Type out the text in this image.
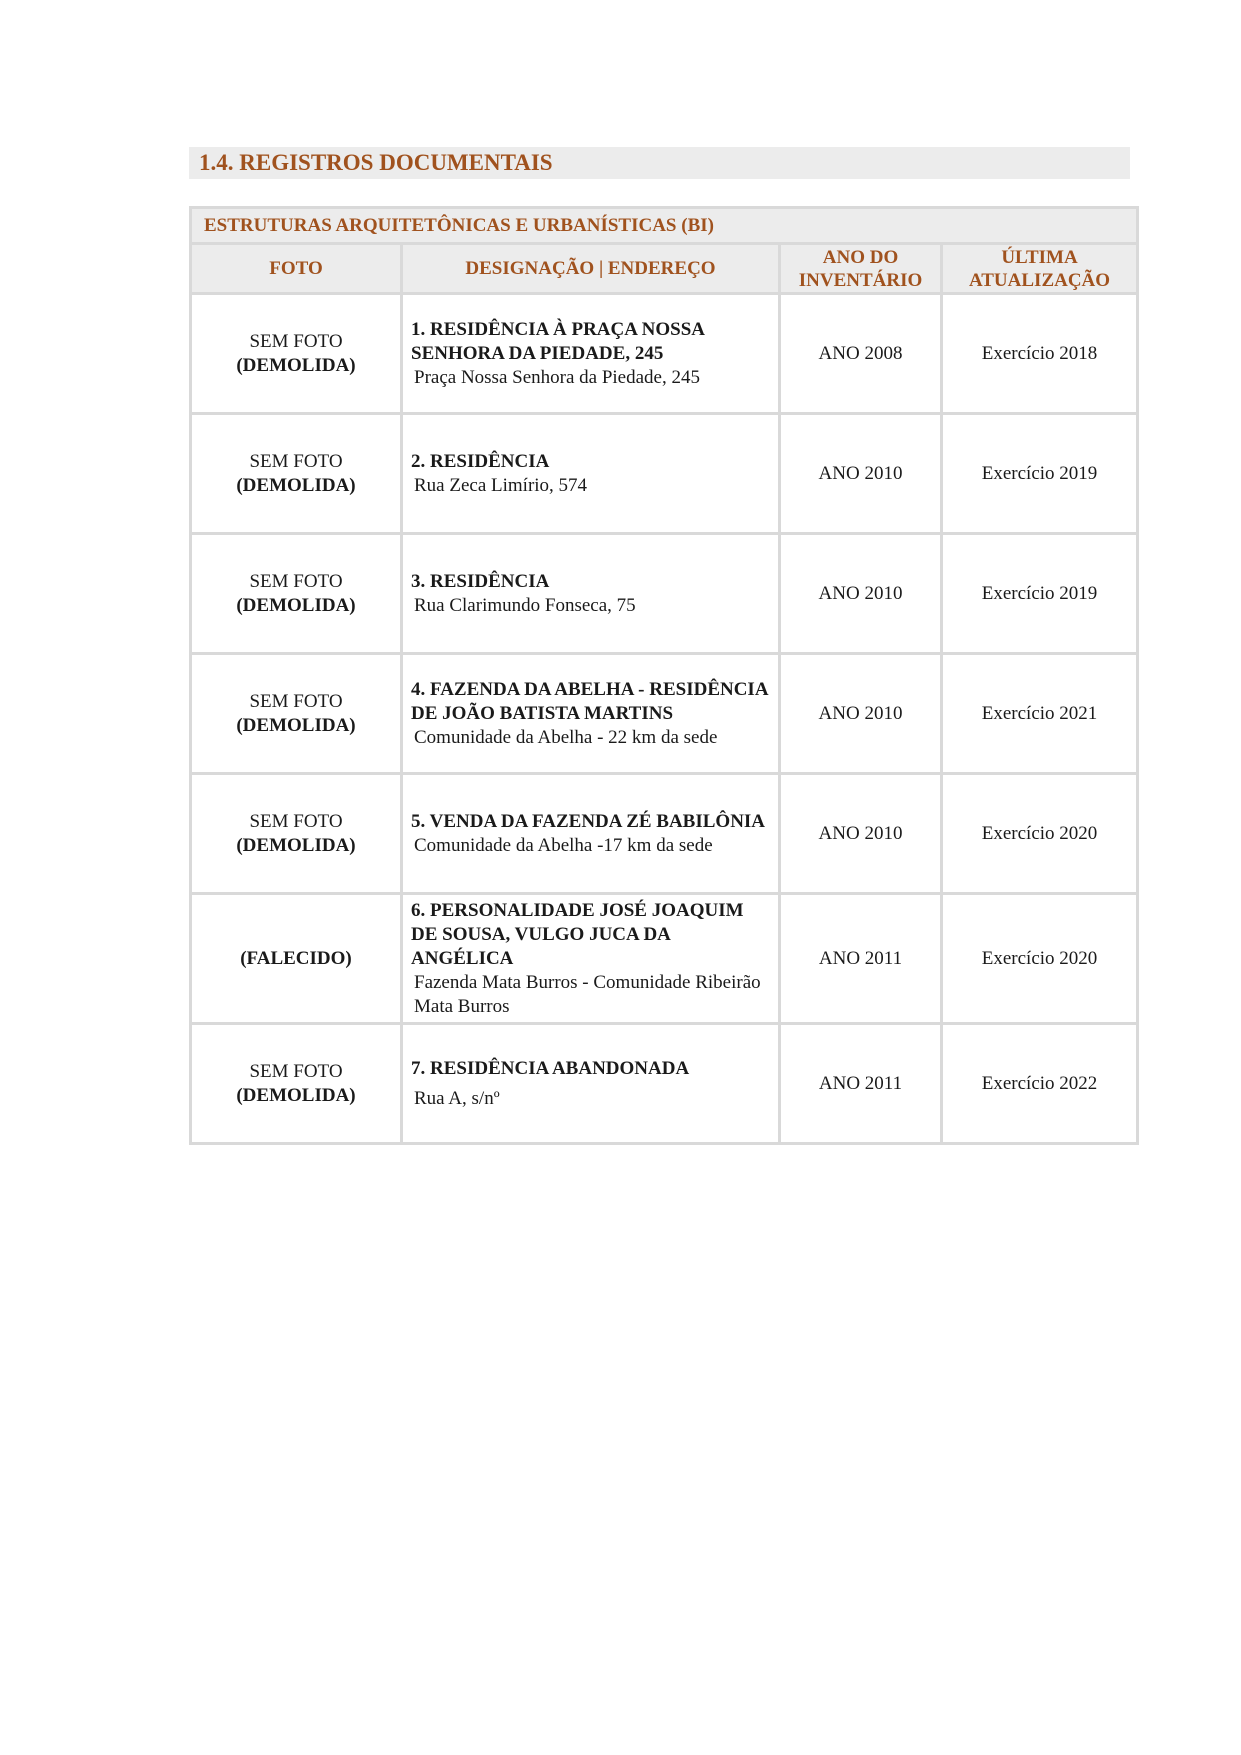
1.4. REGISTROS DOCUMENTAIS
ESTRUTURAS ARQUITETÔNICAS E URBANÍSTICAS (BI)			
FOTO	DESIGNAÇÃO | ENDEREÇO	ANO DO
INVENTÁRIO	ÚLTIMA
ATUALIZAÇÃO
SEM FOTO
(DEMOLIDA)	1. RESIDÊNCIA À PRAÇA NOSSA SENHORA DA PIEDADE, 245
Praça Nossa Senhora da Piedade, 245	ANO 2008	Exercício 2018
SEM FOTO
(DEMOLIDA)	2. RESIDÊNCIA
Rua Zeca Limírio, 574	ANO 2010	Exercício 2019
SEM FOTO
(DEMOLIDA)	3. RESIDÊNCIA
Rua Clarimundo Fonseca, 75	ANO 2010	Exercício 2019
SEM FOTO
(DEMOLIDA)	4. FAZENDA DA ABELHA - RESIDÊNCIA DE JOÃO BATISTA MARTINS
Comunidade da Abelha - 22 km da sede	ANO 2010	Exercício 2021
SEM FOTO
(DEMOLIDA)	5. VENDA DA FAZENDA ZÉ BABILÔNIA
Comunidade da Abelha -17 km da sede	ANO 2010	Exercício 2020
(FALECIDO)	6. PERSONALIDADE JOSÉ JOAQUIM DE SOUSA, VULGO JUCA DA ANGÉLICA
Fazenda Mata Burros - Comunidade Ribeirão Mata Burros	ANO 2011	Exercício 2020
SEM FOTO
(DEMOLIDA)	7. RESIDÊNCIA ABANDONADA
Rua A, s/nº	ANO 2011	Exercício 2022
